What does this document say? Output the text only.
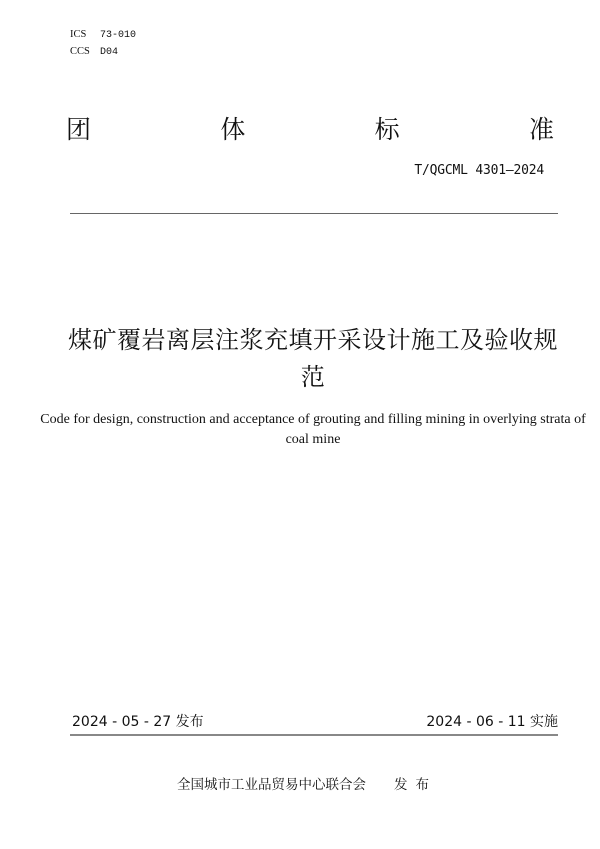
ICS 73-010
CCS D04
团	体	标	准
T/QGCML 4301—2024
煤矿覆岩离层注浆充填开采设计施工及验收规范
Code for design, construction and acceptance of grouting and filling mining in overlying strata of coal mine
2024 - 05 - 27 发布	2024 - 06 - 11 实施
全国城市工业品贸易中心联合会 发布
